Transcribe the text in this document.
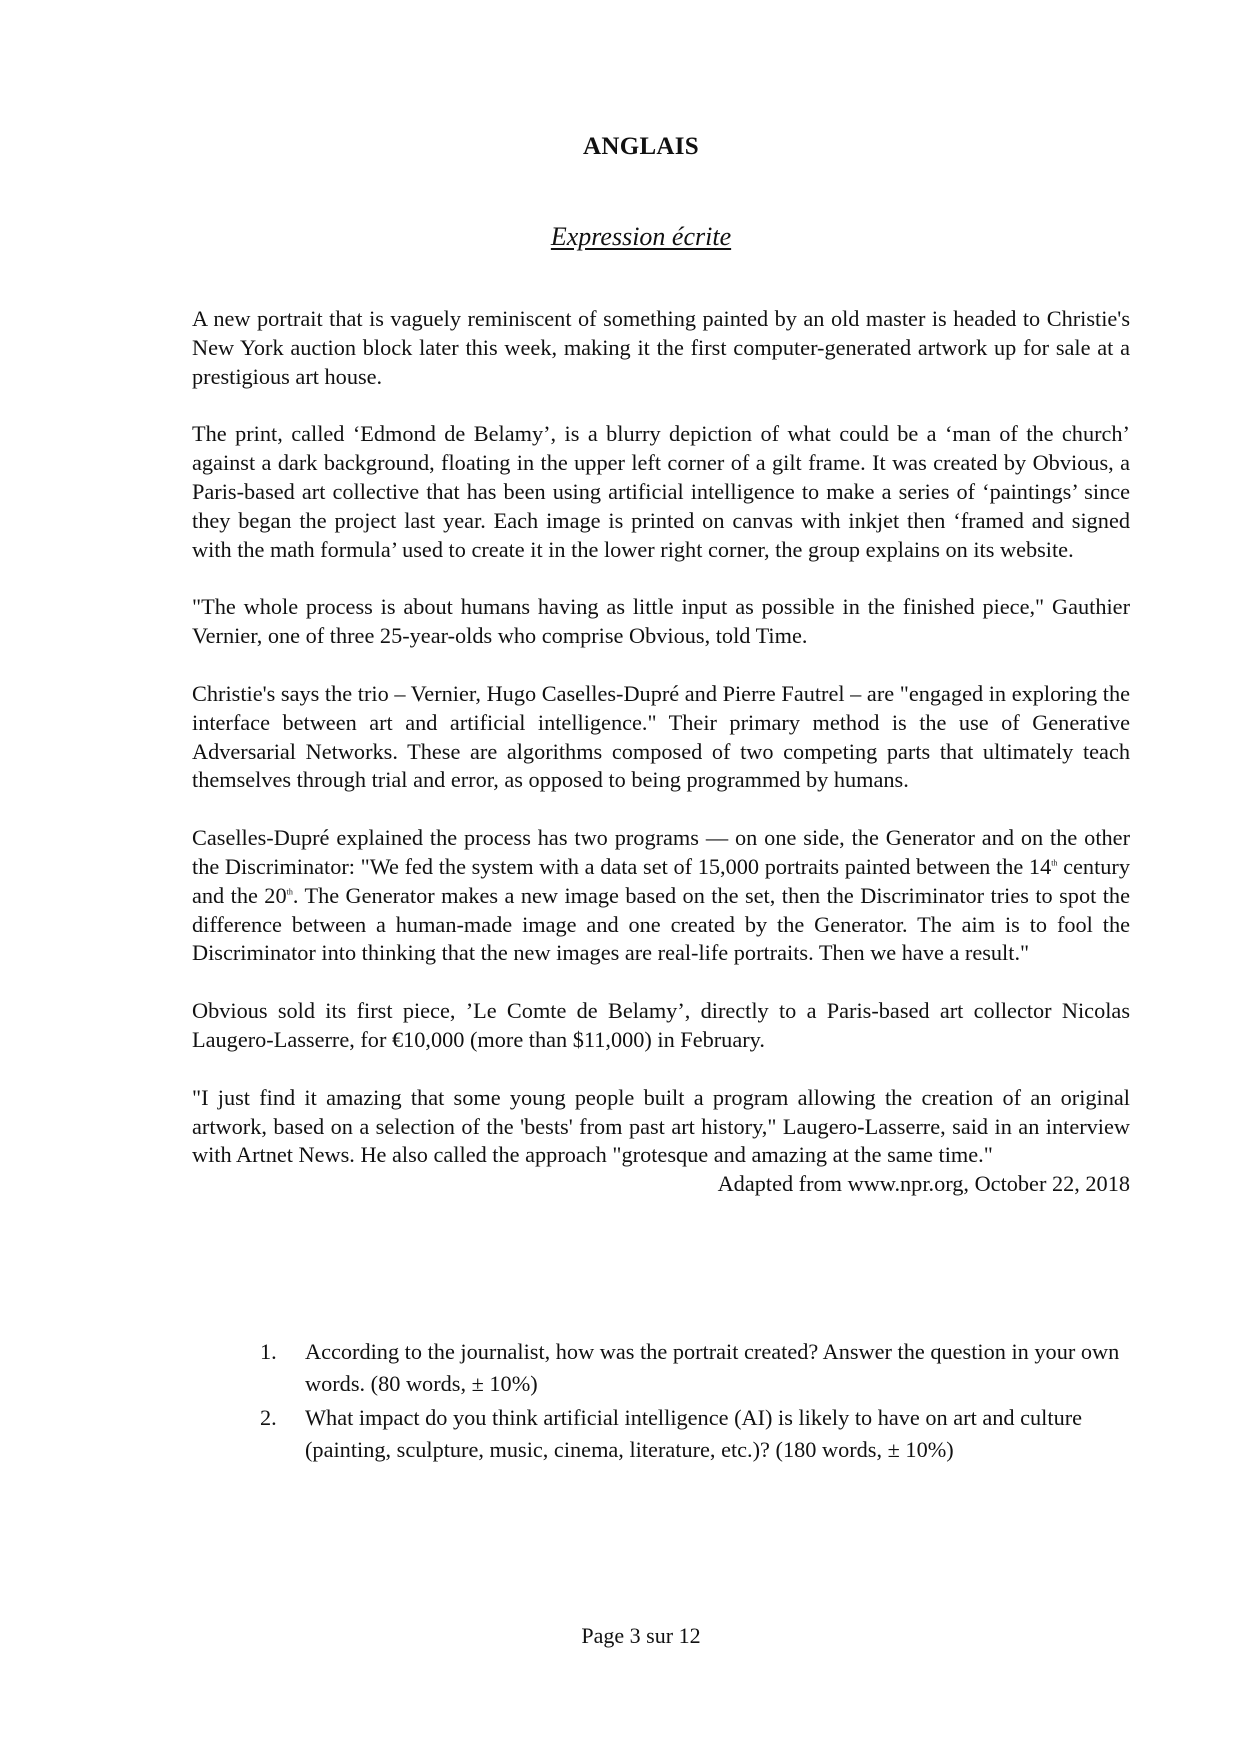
ANGLAIS
Expression écrite

A new portrait that is vaguely reminiscent of something painted by an old master is headed to Christie's New York auction block later this week, making it the first computer-generated artwork up for sale at a prestigious art house.

The print, called ‘Edmond de Belamy’, is a blurry depiction of what could be a ‘man of the church’ against a dark background, floating in the upper left corner of a gilt frame. It was created by Obvious, a Paris-based art collective that has been using artificial intelligence to make a series of ‘paintings’ since they began the project last year. Each image is printed on canvas with inkjet then ‘framed and signed with the math formula’ used to create it in the lower right corner, the group explains on its website.

"The whole process is about humans having as little input as possible in the finished piece," Gauthier Vernier, one of three 25-year-olds who comprise Obvious, told Time.

Christie's says the trio – Vernier, Hugo Caselles-Dupré and Pierre Fautrel – are "engaged in exploring the interface between art and artificial intelligence." Their primary method is the use of Generative Adversarial Networks. These are algorithms composed of two competing parts that ultimately teach themselves through trial and error, as opposed to being programmed by humans.

Caselles-Dupré explained the process has two programs — on one side, the Generator and on the other the Discriminator: "We fed the system with a data set of 15,000 portraits painted between the 14th century and the 20th. The Generator makes a new image based on the set, then the Discriminator tries to spot the difference between a human-made image and one created by the Generator. The aim is to fool the Discriminator into thinking that the new images are real-life portraits. Then we have a result."

Obvious sold its first piece, ’Le Comte de Belamy’, directly to a Paris-based art collector Nicolas Laugero-Lasserre, for €10,000 (more than $11,000) in February.

"I just find it amazing that some young people built a program allowing the creation of an original artwork, based on a selection of the 'bests' from past art history," Laugero-Lasserre, said in an interview with Artnet News. He also called the approach "grotesque and amazing at the same time."

Adapted from www.npr.org, October 22, 2018
1. According to the journalist, how was the portrait created? Answer the question in your own words. (80 words, ± 10%)
2. What impact do you think artificial intelligence (AI) is likely to have on art and culture (painting, sculpture, music, cinema, literature, etc.)? (180 words, ± 10%)
Page 3 sur 12
